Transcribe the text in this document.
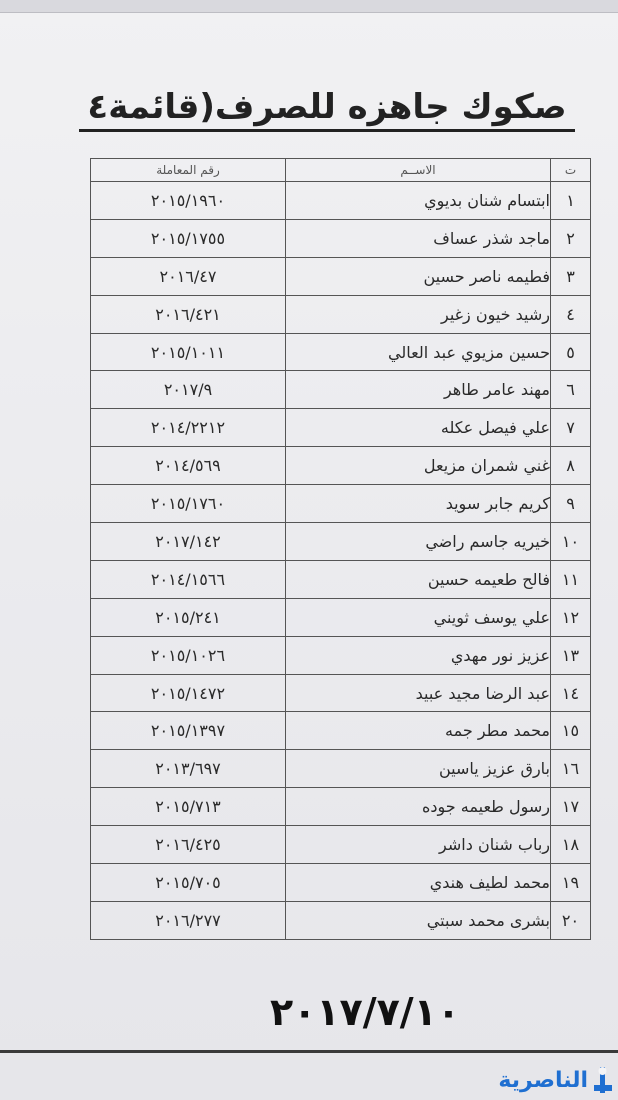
صكوك جاهزه للصرف(قائمة٤
ت	الاســم	رقم المعاملة
١	ابتسام شنان بديوي	٢٠١٥/١٩٦٠
٢	ماجد شذر عساف	٢٠١٥/١٧٥٥
٣	فطيمه ناصر حسين	٢٠١٦/٤٧
٤	رشيد خيون زغير	٢٠١٦/٤٢١
٥	حسين مزيوي عبد العالي	٢٠١٥/١٠١١
٦	مهند عامر طاهر	٢٠١٧/٩
٧	علي فيصل عكله	٢٠١٤/٢٢١٢
٨	غني شمران مزيعل	٢٠١٤/٥٦٩
٩	كريم جابر سويد	٢٠١٥/١٧٦٠
١٠	خيريه جاسم راضي	٢٠١٧/١٤٢
١١	فالح طعيمه حسين	٢٠١٤/١٥٦٦
١٢	علي يوسف ثويني	٢٠١٥/٢٤١
١٣	عزيز نور مهدي	٢٠١٥/١٠٢٦
١٤	عبد الرضا مجيد عبيد	٢٠١٥/١٤٧٢
١٥	محمد مطر جمه	٢٠١٥/١٣٩٧
١٦	بارق عزيز ياسين	٢٠١٣/٦٩٧
١٧	رسول طعيمه جوده	٢٠١٥/٧١٣
١٨	رباب شنان داشر	٢٠١٦/٤٢٥
١٩	محمد لطيف هندي	٢٠١٥/٧٠٥
٢٠	بشرى محمد سبتي	٢٠١٦/٢٧٧
٢٠١٧/٧/١٠
الناصرية
